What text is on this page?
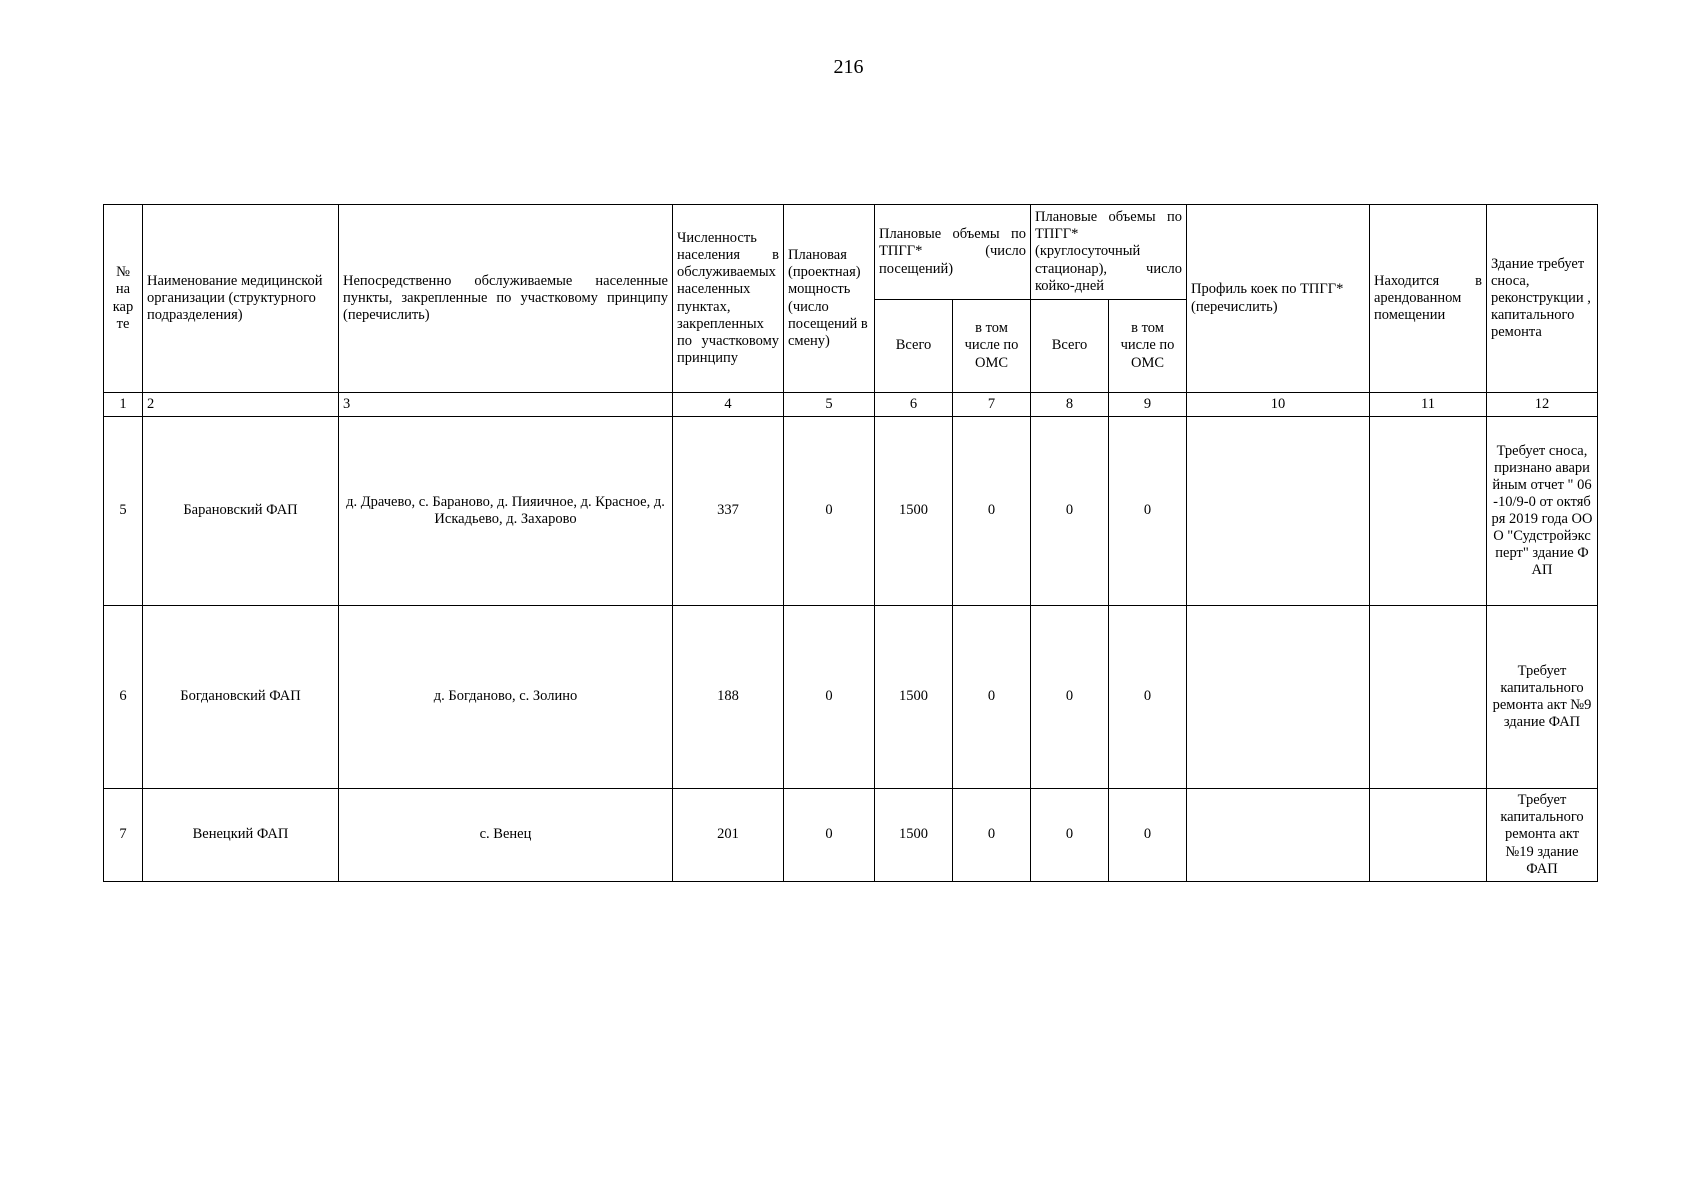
216
№
на
кар
те	Наименование медицинской организации (структурного подразделения)	Непосредственно обслуживаемые населенные пункты, закрепленные по участковому принципу (перечислить)	Численность населения в обслуживаемых населенных пунктах, закрепленных по участковому принципу	Плановая (проектная) мощность (число посещений в смену)	Плановые объемы по ТПГГ* (число посещений)		Плановые объемы по ТПГГ* (круглосуточный стационар), число койко-дней		Профиль коек по ТПГГ* (перечислить)	Находится в арендованном помещении	Здание требует сноса, реконструкции , капитального ремонта
					Всего	в том числе по ОМС	Всего	в том числе по ОМС			
1	2	3	4	5	6	7	8	9	10	11	12
5	Барановский ФАП	д. Драчево, с. Бараново, д. Пияичное, д. Красное, д. Искадьево, д. Захарово	337	0	1500	0	0	0			Требует сноса, признано аварийным отчет " 06-10/9-0 от октября 2019 года ООО "Судстройэксперт" здание ФАП
6	Богдановский ФАП	д. Богданово, с. Золино	188	0	1500	0	0	0			Требует капитального ремонта акт №9 здание ФАП
7	Венецкий ФАП	с. Венец	201	0	1500	0	0	0			Требует капитального ремонта акт №19 здание ФАП
